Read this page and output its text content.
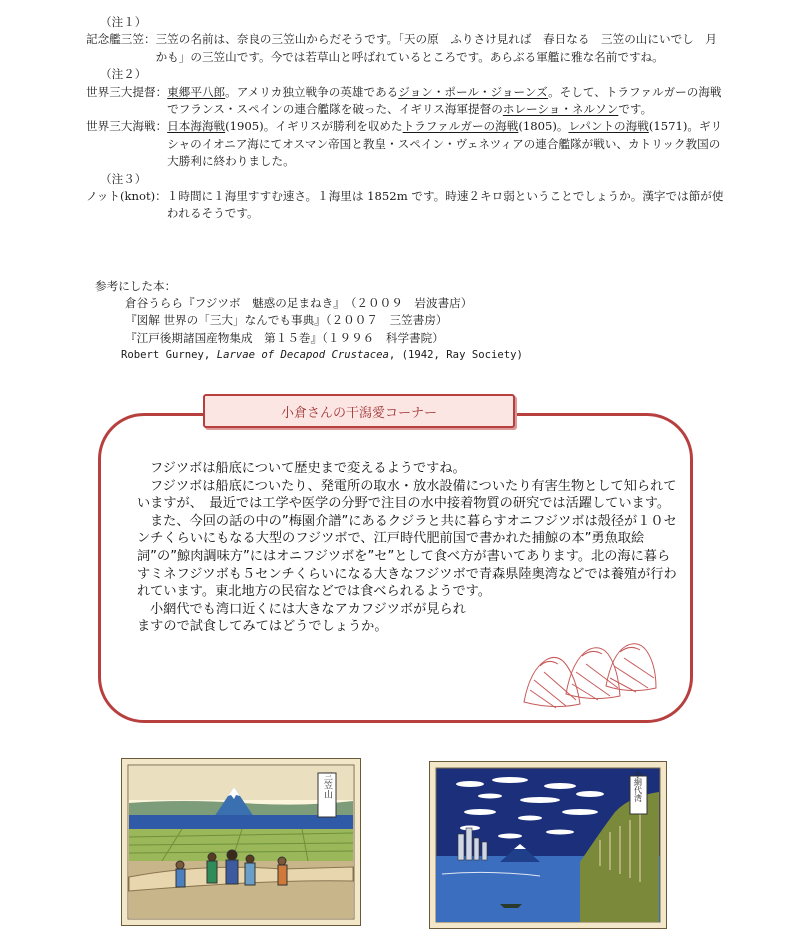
（注１）
記念艦三笠： 三笠の名前は、奈良の三笠山からだそうです。「天の原　ふりさけ見れば　春日なる　三笠の山にいでし　月かも」の三笠山です。今では若草山と呼ばれているところです。あらぶる軍艦に雅な名前ですね。
（注２）
世界三大提督： 東郷平八郎。アメリカ独立戦争の英雄であるジョン・ポール・ジョーンズ。そして、トラファルガーの海戦でフランス・スペインの連合艦隊を破った、イギリス海軍提督のホレーショ・ネルソンです。
世界三大海戦： 日本海海戦(1905)。イギリスが勝利を収めたトラファルガーの海戦(1805)。レパントの海戦(1571)。ギリシャのイオニア海にてオスマン帝国と教皇・スペイン・ヴェネツィアの連合艦隊が戦い、カトリック教国の大勝利に終わりました。
（注３）
ノット(knot)： １時間に１海里すすむ速さ。１海里は 1852m です。時速２キロ弱ということでしょうか。漢字では節が使われるそうです。
参考にした本：
倉谷うらら『フジツボ　魅惑の足まねき』　（２００９　岩波書店）
『図解 世界の「三大」なんでも事典』（２００７　三笠書房）
『江戸後期諸国産物集成　第１５巻』（１９９６　科学書院）
Robert Gurney, Larvae of Decapod Crustacea, (1942, Ray Society)
小倉さんの干潟愛コーナー

フジツボは船底について歴史まで変えるようですね。

フジツボは船底についたり、発電所の取水・放水設備についたり有害生物として知られていますが、　最近では工学や医学の分野で注目の水中接着物質の研究では活躍しています。

また、今回の話の中の”梅園介譜”にあるクジラと共に暮らすオニフジツボは殻径が１０センチくらいにもなる大型のフジツボで、江戸時代肥前国で書かれた捕鯨の本”勇魚取絵詞”の”鯨肉調味方”にはオニフジツボを”セ”として食べ方が書いてあります。北の海に暮らすミネフジツボも５センチくらいになる大きなフジツボで青森県陸奥湾などでは養殖が行われています。東北地方の民宿などでは食べられるようです。

小網代でも湾口近くには大きなアカフジツボが見られますので試食してみてはどうでしょうか。

三笠山	小網代湾
